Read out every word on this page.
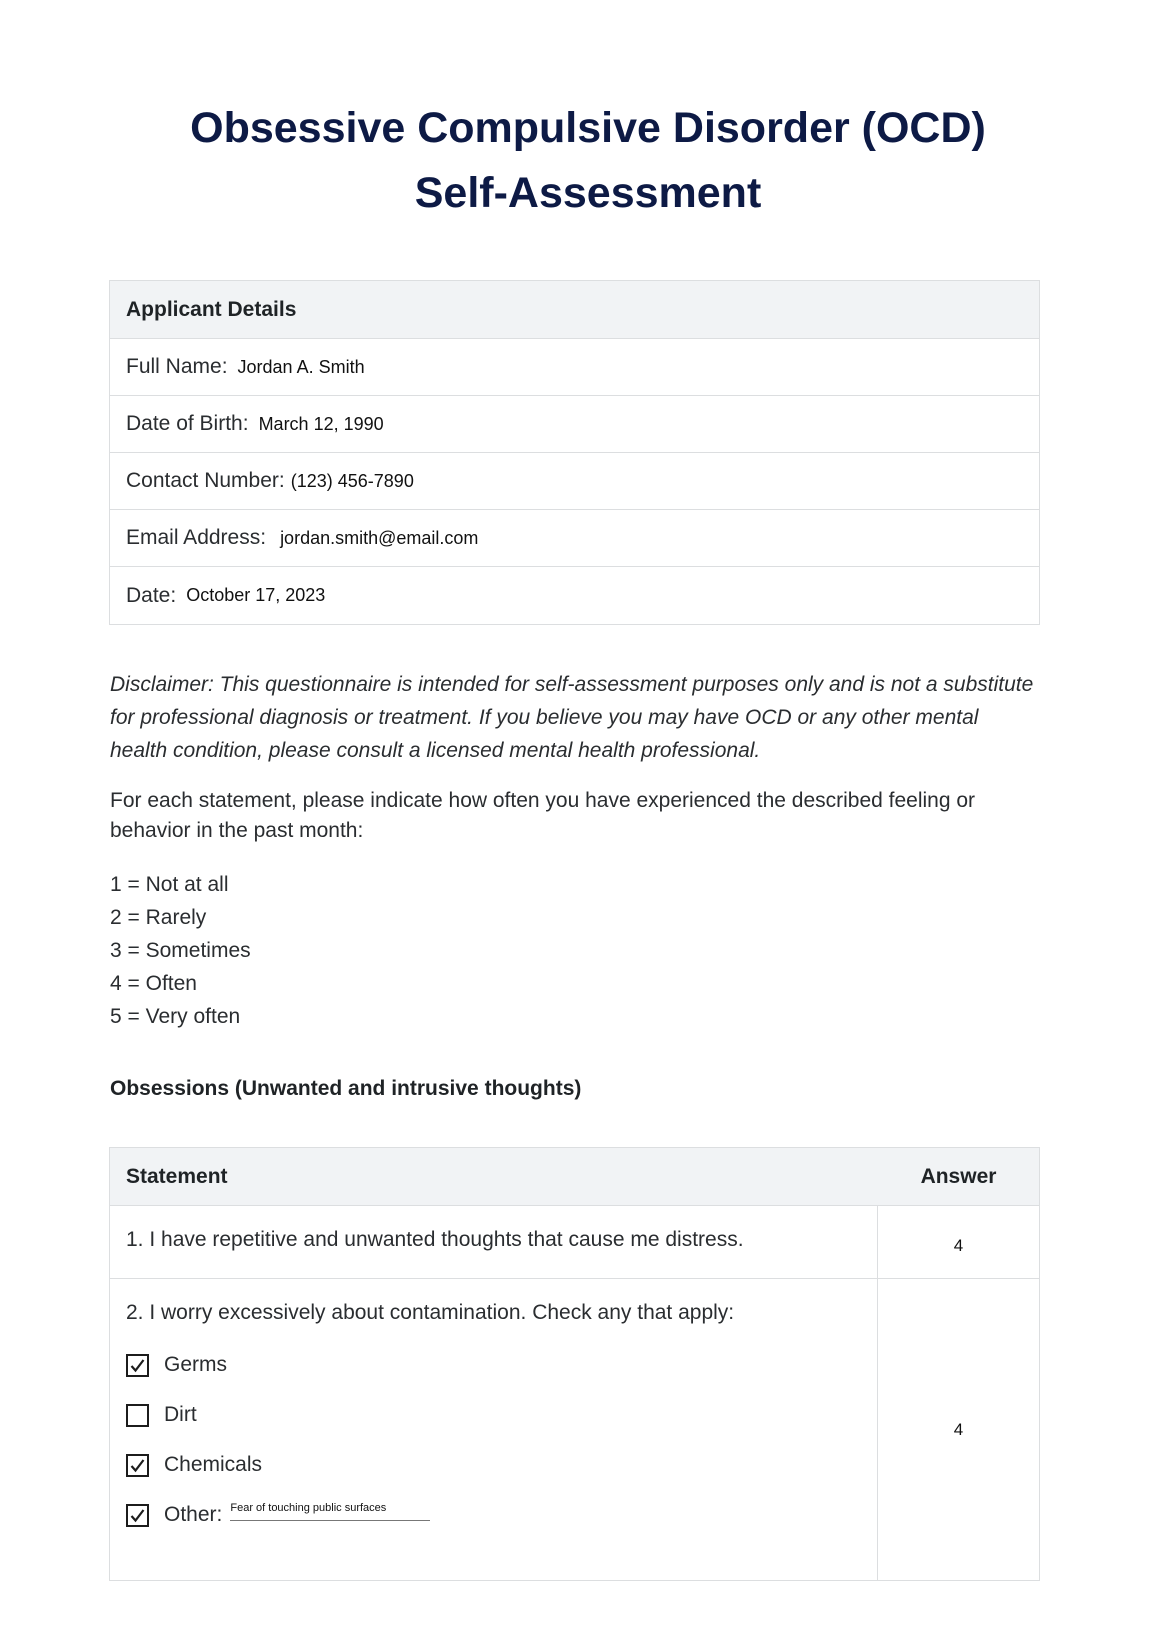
Obsessive Compulsive Disorder (OCD)
Self-Assessment
Applicant Details
Full Name: Jordan A. Smith
Date of Birth: March 12, 1990
Contact Number: (123) 456-7890
Email Address: jordan.smith@email.com
Date: October 17, 2023

Disclaimer: This questionnaire is intended for self-assessment purposes only and is not a substitute for professional diagnosis or treatment. If you believe you may have OCD or any other mental health condition, please consult a licensed mental health professional.

For each statement, please indicate how often you have experienced the described feeling or behavior in the past month:

1 = Not at all
2 = Rarely
3 = Sometimes
4 = Often
5 = Very often
Obsessions (Unwanted and intrusive thoughts)
Statement	Answer
1. I have repetitive and unwanted thoughts that cause me distress.	4
2. I worry excessively about contamination. Check any that apply:
Germs
Dirt
Chemicals
Other: Fear of touching public surfaces
4
